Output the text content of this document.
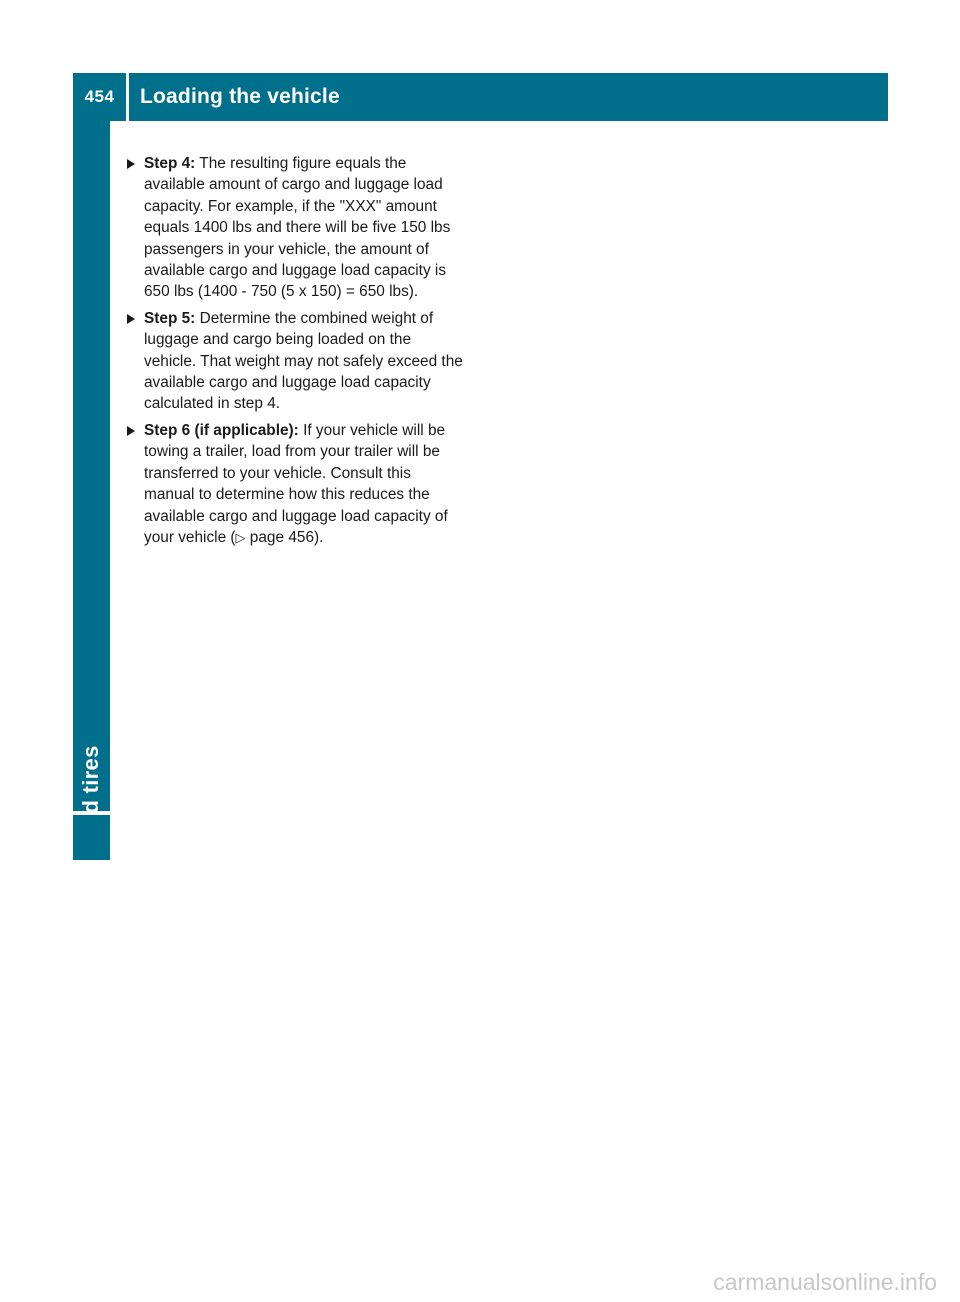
454	Loading the vehicle
Step 4: The resulting figure equals the available amount of cargo and luggage load capacity. For example, if the "XXX" amount equals 1400 lbs and there will be five 150 lbs passengers in your vehicle, the amount of available cargo and luggage load capacity is 650 lbs (1400 - 750 (5 x 150) = 650 lbs).
Step 5: Determine the combined weight of luggage and cargo being loaded on the vehicle. That weight may not safely exceed the available cargo and luggage load capacity calculated in step 4.
Step 6 (if applicable): If your vehicle will be towing a trailer, load from your trailer will be transferred to your vehicle. Consult this manual to determine how this reduces the available cargo and luggage load capacity of your vehicle (▷ page 456).
carmanualsonline.info
